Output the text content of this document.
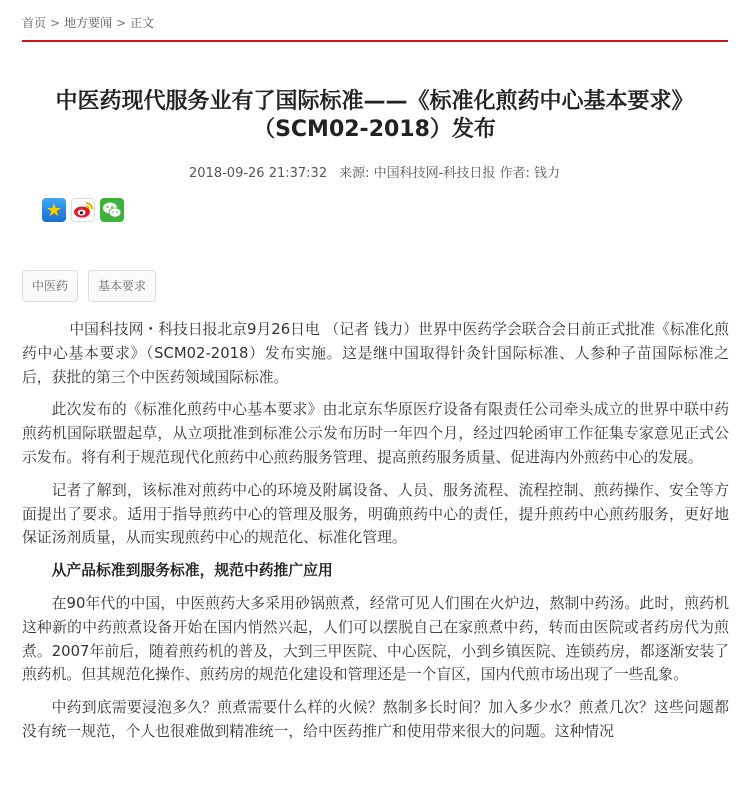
首页 > 地方要闻 > 正文
中医药现代服务业有了国际标准——《标准化煎药中心基本要求》
（SCM02-2018）发布
2018-09-26 21:37:32 来源: 中国科技网-科技日报 作者: 钱力
★
中医药	基本要求

中国科技网・科技日报北京9月26日电 （记者 钱力）世界中医药学会联合会日前正式批准《标准化煎药中心基本要求》（SCM02-2018）发布实施。这是继中国取得针灸针国际标准、人参种子苗国际标准之后，获批的第三个中医药领域国际标准。

此次发布的《标准化煎药中心基本要求》由北京东华原医疗设备有限责任公司牵头成立的世界中联中药煎药机国际联盟起草，从立项批准到标准公示发布历时一年四个月，经过四轮函审工作征集专家意见正式公示发布。将有利于规范现代化煎药中心煎药服务管理、提高煎药服务质量、促进海内外煎药中心的发展。

记者了解到，该标准对煎药中心的环境及附属设备、人员、服务流程、流程控制、煎药操作、安全等方面提出了要求。适用于指导煎药中心的管理及服务，明确煎药中心的责任，提升煎药中心煎药服务，更好地保证汤剂质量，从而实现煎药中心的规范化、标准化管理。

从产品标准到服务标准，规范中药推广应用

在90年代的中国，中医煎药大多采用砂锅煎煮，经常可见人们围在火炉边，熬制中药汤。此时，煎药机这种新的中药煎煮设备开始在国内悄然兴起，人们可以摆脱自己在家煎煮中药，转而由医院或者药房代为煎煮。2007年前后，随着煎药机的普及，大到三甲医院、中心医院，小到乡镇医院、连锁药房，都逐渐安装了煎药机。但其规范化操作、煎药房的规范化建设和管理还是一个盲区，国内代煎市场出现了一些乱象。

中药到底需要浸泡多久？煎煮需要什么样的火候？熬制多长时间？加入多少水？煎煮几次？这些问题都没有统一规范，个人也很难做到精准统一，给中医药推广和使用带来很大的问题。这种情况
